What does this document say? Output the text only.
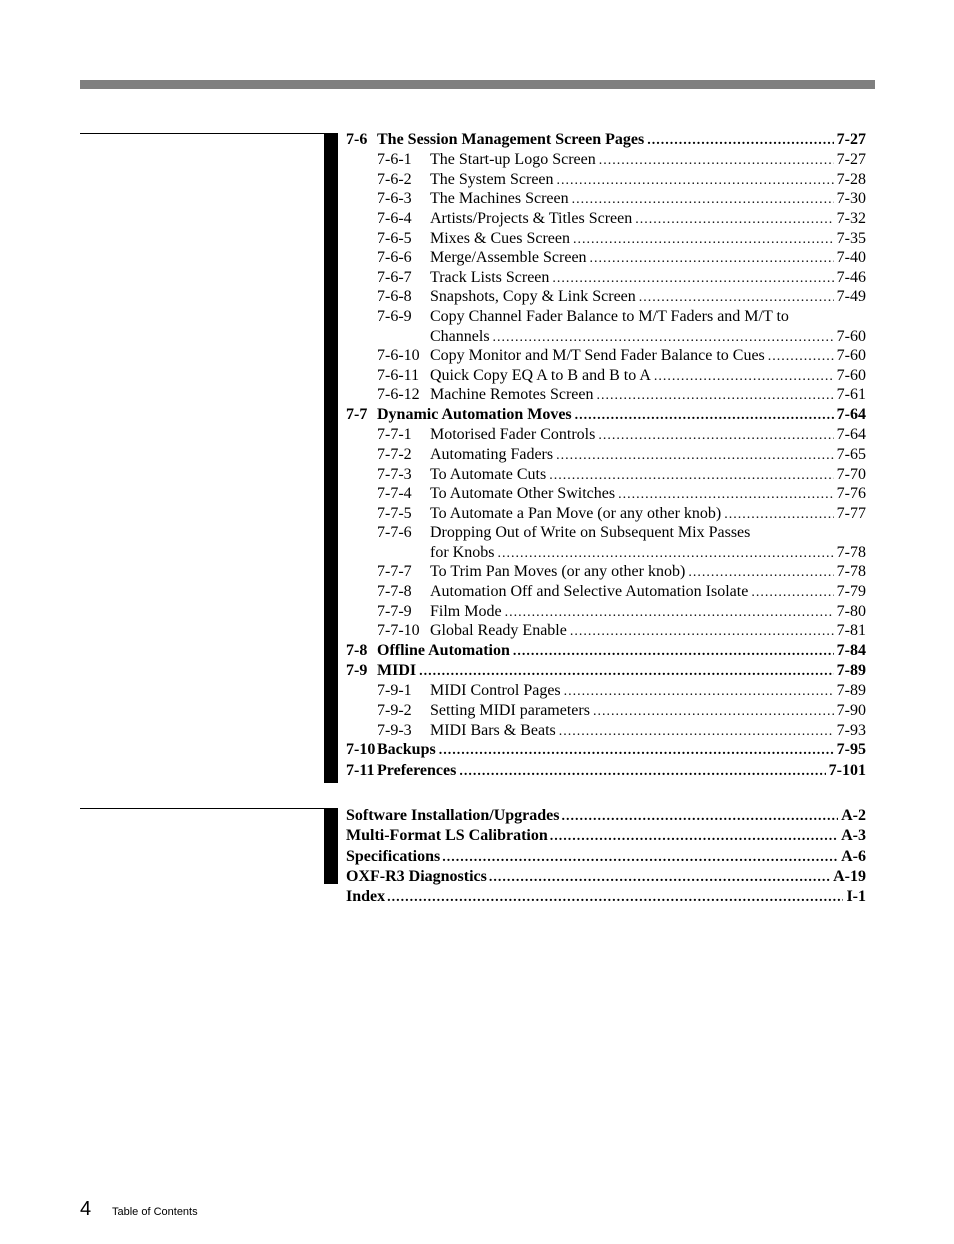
7-6 The Session Management Screen Pages .....	7-27
7-6-1 The Start-up Logo Screen .....	7-27
7-6-2 The System Screen .....	7-28
7-6-3 The Machines Screen .....	7-30
7-6-4 Artists/Projects & Titles Screen .....	7-32
7-6-5 Mixes & Cues Screen .....	7-35
7-6-6 Merge/Assemble Screen .....	7-40
7-6-7 Track Lists Screen .....	7-46
7-6-8 Snapshots, Copy & Link Screen .....	7-49
7-6-9 Copy Channel Fader Balance to M/T Faders and M/T to
Channels .....	7-60
7-6-10 Copy Monitor and M/T Send Fader Balance to Cues .....	7-60
7-6-11 Quick Copy EQ A to B and B to A .....	7-60
7-6-12 Machine Remotes Screen .....	7-61
7-7 Dynamic Automation Moves .....	7-64
7-7-1 Motorised Fader Controls .....	7-64
7-7-2 Automating Faders .....	7-65
7-7-3 To Automate Cuts .....	7-70
7-7-4 To Automate Other Switches .....	7-76
7-7-5 To Automate a Pan Move (or any other knob) .....	7-77
7-7-6 Dropping Out of Write on Subsequent Mix Passes
for Knobs .....	7-78
7-7-7 To Trim Pan Moves (or any other knob) .....	7-78
7-7-8 Automation Off and Selective Automation Isolate .....	7-79
7-7-9 Film Mode .....	7-80
7-7-10 Global Ready Enable .....	7-81
7-8 Offline Automation .....	7-84
7-9 MIDI .....	7-89
7-9-1 MIDI Control Pages .....	7-89
7-9-2 Setting MIDI parameters .....	7-90
7-9-3 MIDI Bars & Beats .....	7-93
7-10 Backups .....	7-95
7-11 Preferences .....	7-101
Software Installation/Upgrades .....	A-2
Multi-Format LS Calibration .....	A-3
Specifications .....	A-6
OXF-R3 Diagnostics .....	A-19
Index .....	I-1
4 Table of Contents
